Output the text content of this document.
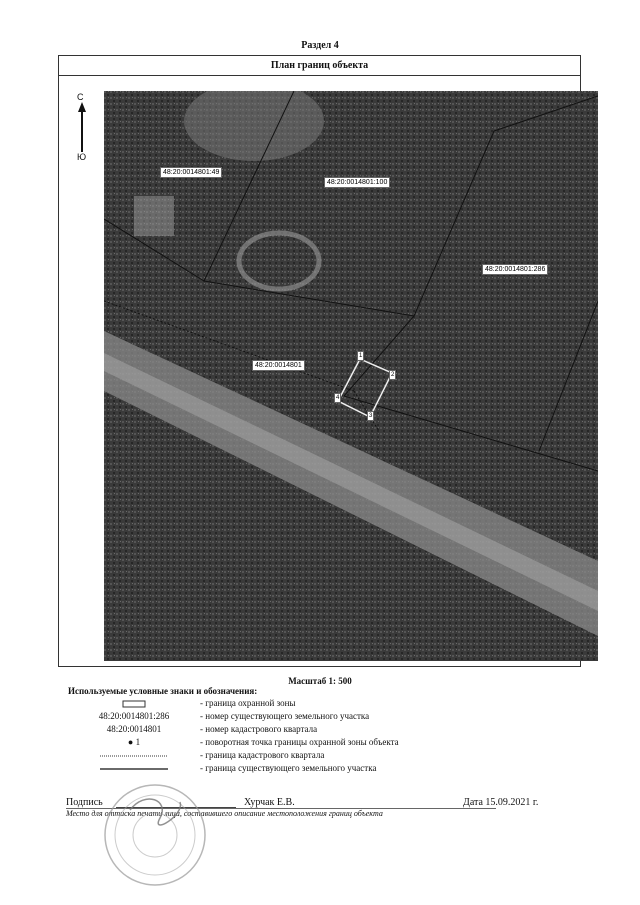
Раздел 4
План границ объекта
С
Ю
48:20:0014801:49
48:20:0014801:100
48:20:0014801:286
48:20:0014801
1
2
3
4
Масштаб 1: 500
Используемые условные знаки и обозначения:
- граница охранной зоны
48:20:0014801:286	- номер существующего земельного участка
48:20:0014801	- номер кадастрового квартала
● 1	- поворотная точка границы охранной зоны объекта
- граница кадастрового квартала
- граница существующего земельного участка
Подпись	Хурчак Е.В.	Дата 15.09.2021 г.
Место для оттиска печати лица, составившего описание местоположения границ объекта
